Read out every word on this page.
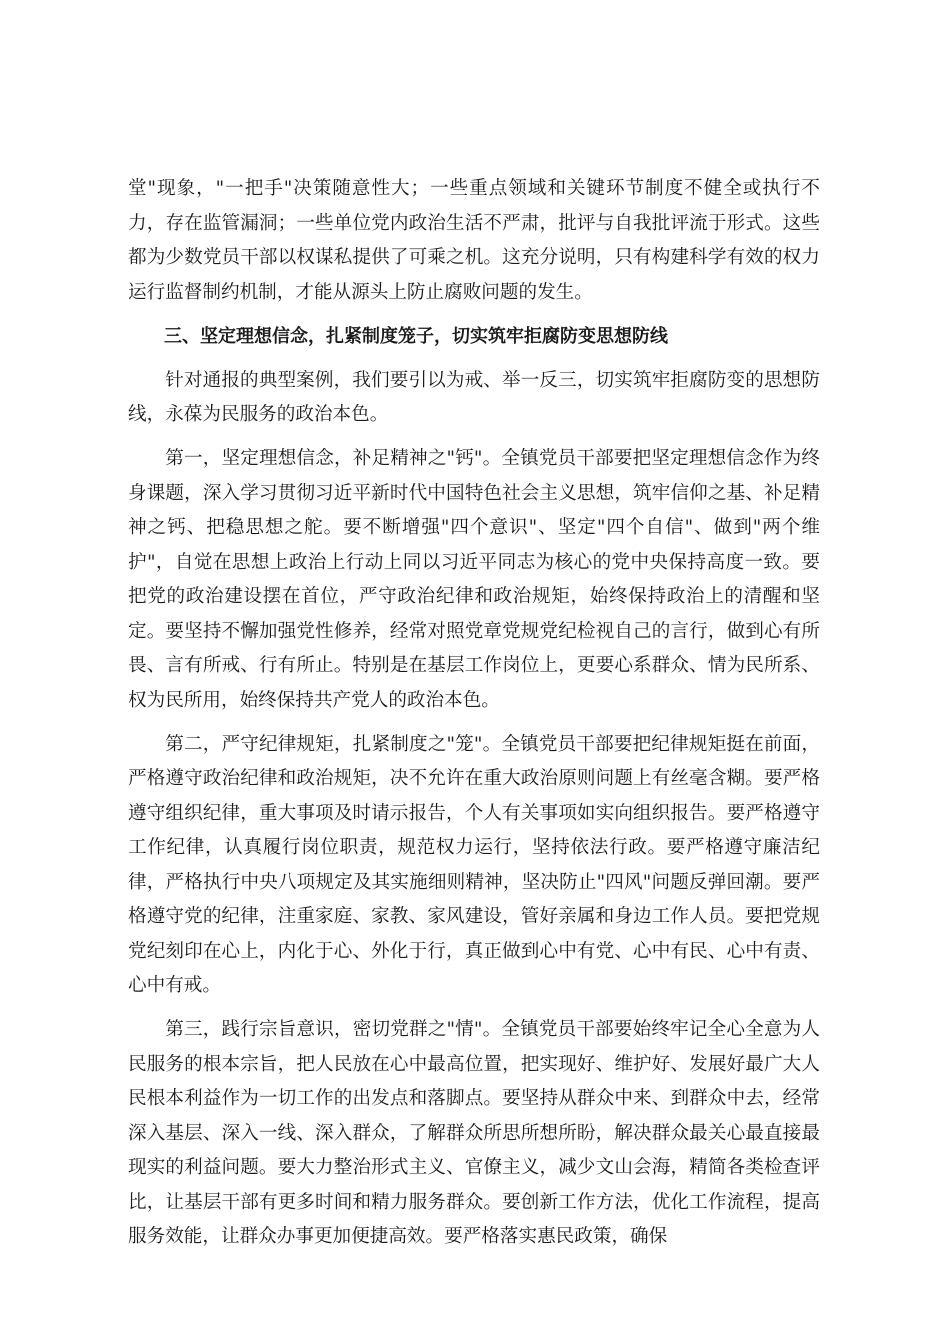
堂"现象，"一把手"决策随意性大；一些重点领域和关键环节制度不健全或执行不力，存在监管漏洞；一些单位党内政治生活不严肃，批评与自我批评流于形式。这些都为少数党员干部以权谋私提供了可乘之机。这充分说明，只有构建科学有效的权力运行监督制约机制，才能从源头上防止腐败问题的发生。

三、坚定理想信念，扎紧制度笼子，切实筑牢拒腐防变思想防线

针对通报的典型案例，我们要引以为戒、举一反三，切实筑牢拒腐防变的思想防线，永葆为民服务的政治本色。

第一，坚定理想信念，补足精神之"钙"。全镇党员干部要把坚定理想信念作为终身课题，深入学习贯彻习近平新时代中国特色社会主义思想，筑牢信仰之基、补足精神之钙、把稳思想之舵。要不断增强"四个意识"、坚定"四个自信"、做到"两个维护"，自觉在思想上政治上行动上同以习近平同志为核心的党中央保持高度一致。要把党的政治建设摆在首位，严守政治纪律和政治规矩，始终保持政治上的清醒和坚定。要坚持不懈加强党性修养，经常对照党章党规党纪检视自己的言行，做到心有所畏、言有所戒、行有所止。特别是在基层工作岗位上，更要心系群众、情为民所系、权为民所用，始终保持共产党人的政治本色。

第二，严守纪律规矩，扎紧制度之"笼"。全镇党员干部要把纪律规矩挺在前面，严格遵守政治纪律和政治规矩，决不允许在重大政治原则问题上有丝毫含糊。要严格遵守组织纪律，重大事项及时请示报告，个人有关事项如实向组织报告。要严格遵守工作纪律，认真履行岗位职责，规范权力运行，坚持依法行政。要严格遵守廉洁纪律，严格执行中央八项规定及其实施细则精神，坚决防止"四风"问题反弹回潮。要严格遵守党的纪律，注重家庭、家教、家风建设，管好亲属和身边工作人员。要把党规党纪刻印在心上，内化于心、外化于行，真正做到心中有党、心中有民、心中有责、心中有戒。

第三，践行宗旨意识，密切党群之"情"。全镇党员干部要始终牢记全心全意为人民服务的根本宗旨，把人民放在心中最高位置，把实现好、维护好、发展好最广大人民根本利益作为一切工作的出发点和落脚点。要坚持从群众中来、到群众中去，经常深入基层、深入一线、深入群众，了解群众所思所想所盼，解决群众最关心最直接最现实的利益问题。要大力整治形式主义、官僚主义，减少文山会海，精简各类检查评比，让基层干部有更多时间和精力服务群众。要创新工作方法，优化工作流程，提高服务效能，让群众办事更加便捷高效。要严格落实惠民政策，确保
